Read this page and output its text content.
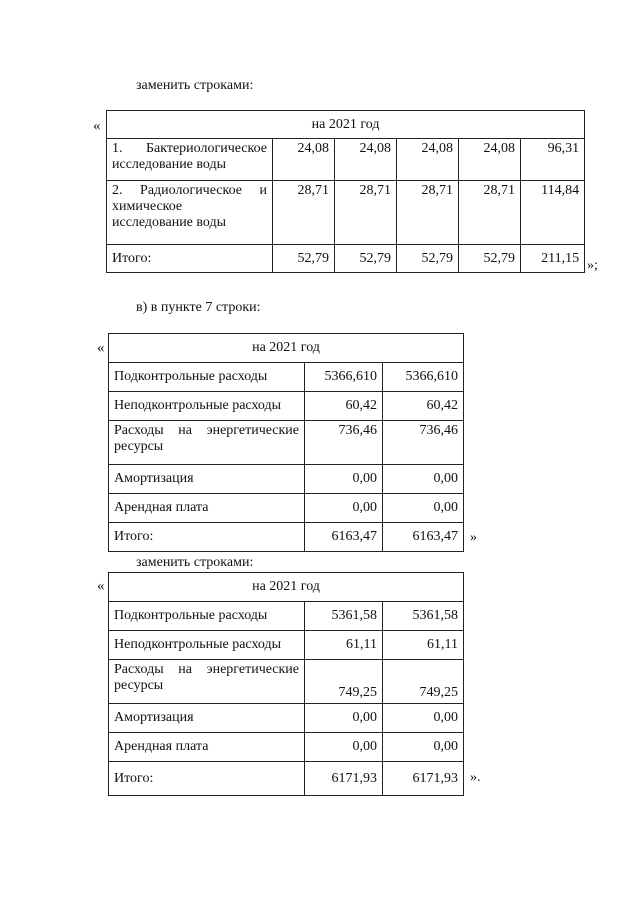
заменить строками:
«	на 2021 год					

1. Бактериологическое
исследование воды	24,08	24,08	24,08	24,08	96,31

2. Радиологическое и
химическое
исследование воды	28,71	28,71	28,71	28,71	114,84
Итого:	52,79	52,79	52,79	52,79	211,15 »;
в) в пункте 7 строки:
«	на 2021 год		
Подконтрольные расходы	5366,610	5366,610
Неподконтрольные расходы	60,42	60,42

Расходы на энергетические
ресурсы	736,46	736,46
Амортизация	0,00	0,00
Арендная плата	0,00	0,00
Итого:	6163,47	6163,47 »
заменить строками:
«	на 2021 год		
Подконтрольные расходы	5361,58	5361,58
Неподконтрольные расходы	61,11	61,11

Расходы на энергетические
ресурсы	749,25	749,25
Амортизация	0,00	0,00
Арендная плата	0,00	0,00
Итого:	6171,93	6171,93 ».
